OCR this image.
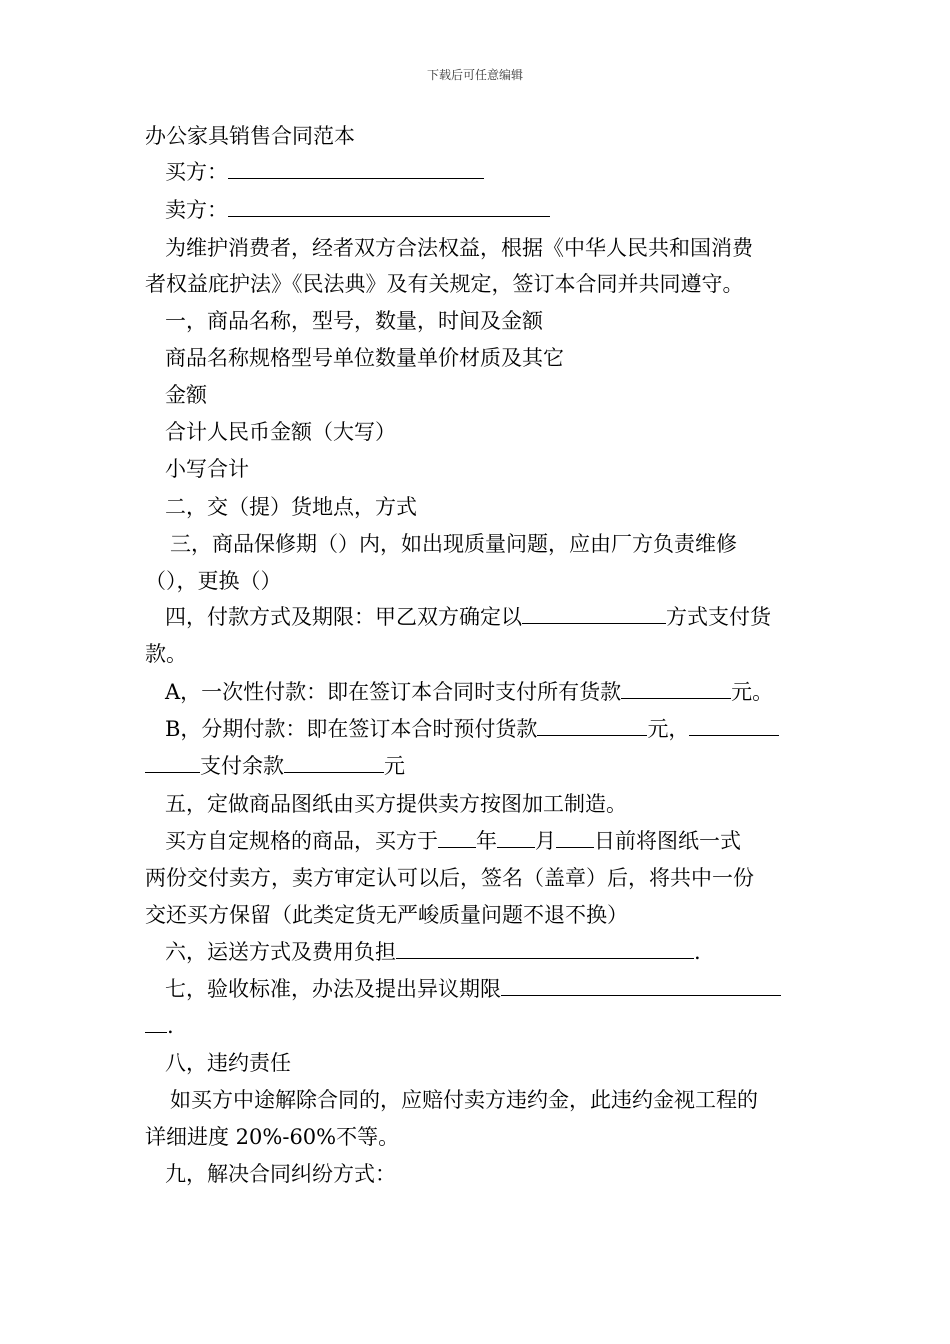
下载后可任意编辑
办公家具销售合同范本
买方：
卖方：
为维护消费者，经者双方合法权益，根据《中华人民共和国消费
者权益庇护法》《民法典》及有关规定，签订本合同并共同遵守。
一，商品名称，型号，数量，时间及金额
商品名称规格型号单位数量单价材质及其它
金额
合计人民币金额（大写）
小写合计
二，交（提）货地点，方式
三，商品保修期（）内，如出现质量问题，应由厂方负责维修
（），更换（）
四，付款方式及期限：甲乙双方确定以	方式支付货
款。
A，一次性付款：即在签订本合同时支付所有货款	元。
B，分期付款：即在签订本合时预付货款	元，
支付余款	元
五，定做商品图纸由买方提供卖方按图加工制造。
买方自定规格的商品，买方于 年 月 日前将图纸一式
两份交付卖方，卖方审定认可以后，签名（盖章）后，将共中一份
交还买方保留（此类定货无严峻质量问题不退不换）
六，运送方式及费用负担	.
七，验收标准，办法及提出异议期限
.
八，违约责任
如买方中途解除合同的，应赔付卖方违约金，此违约金视工程的
详细进度 20%-60%不等。
九，解决合同纠纷方式：
